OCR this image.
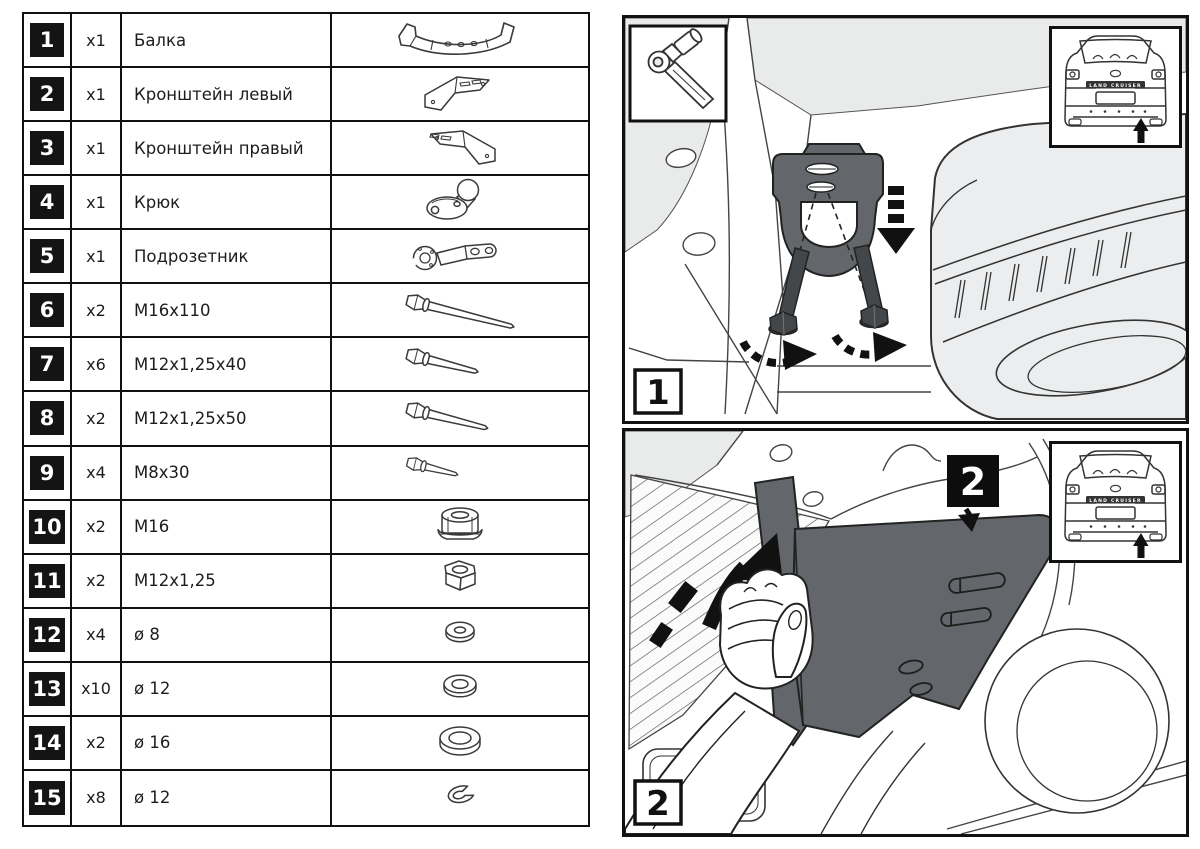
1	x1	Балка
2	x1	Кронштейн левый
3	x1	Кронштейн правый
4	x1	Крюк
5	x1	Подрозетник
6	x2	M16x110
7	x6	M12x1,25x40
8	x2	M12x1,25x50
9	x4	M8x30
10	x2	M16
11	x2	M12x1,25
12	x4	ø 8
13	x10	ø 12
14	x2	ø 16
15	x8	ø 12
1
2
2
